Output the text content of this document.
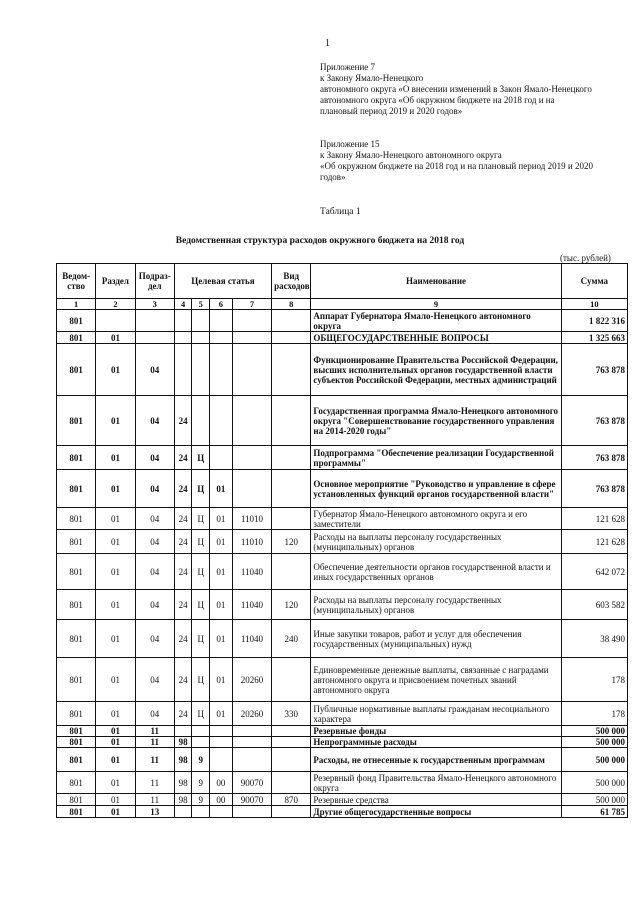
1

Приложение 7

к Закону Ямало-Ненецкого

автономного округа «О внесении изменений в Закон Ямало-Ненецкого

автономного округа «Об окружном бюджете на 2018 год и на

плановый период 2019 и 2020 годов»

Приложение 15

к Закону Ямало-Ненецкого автономного округа

«Об окружном бюджете на 2018 год и на плановый период 2019 и 2020

годов»

Таблица 1
Ведомственная структура расходов окружного бюджета на 2018 год
(тыс. рублей)
Ведом-ство	Раздел	Подраз-дел	Целевая статья				Вид расходов	Наименование	Сумма
1	2	3	4	5	6	7	8	9	10
801								Аппарат Губернатора Ямало-Ненецкого автономного округа	1 822 316
801	01							ОБЩЕГОСУДАРСТВЕННЫЕ ВОПРОСЫ	1 325 663
801	01	04						Функционирование Правительства Российской Федерации, высших исполнительных органов государственной власти субъектов Российской Федерации, местных администраций	763 878
801	01	04	24					Государственная программа Ямало-Ненецкого автономного округа "Совершенствование государственного управления на 2014-2020 годы"	763 878
801	01	04	24	Ц				Подпрограмма "Обеспечение реализации Государственной программы"	763 878
801	01	04	24	Ц	01			Основное мероприятие "Руководство и управление в сфере установленных функций органов государственной власти"	763 878
801	01	04	24	Ц	01	11010		Губернатор Ямало-Ненецкого автономного округа и его заместители	121 628
801	01	04	24	Ц	01	11010	120	Расходы на выплаты персоналу государственных (муниципальных) органов	121 628
801	01	04	24	Ц	01	11040		Обеспечение деятельности органов государственной власти и иных государственных органов	642 072
801	01	04	24	Ц	01	11040	120	Расходы на выплаты персоналу государственных (муниципальных) органов	603 582
801	01	04	24	Ц	01	11040	240	Иные закупки товаров, работ и услуг для обеспечения государственных (муниципальных) нужд	38 490
801	01	04	24	Ц	01	20260		Единовременные денежные выплаты, связанные с наградами автономного округа и присвоением почетных званий автономного округа	178
801	01	04	24	Ц	01	20260	330	Публичные нормативные выплаты гражданам несоциального характера	178
801	01	11						Резервные фонды	500 000
801	01	11	98					Непрограммные расходы	500 000
801	01	11	98	9				Расходы, не отнесенные к государственным программам	500 000
801	01	11	98	9	00	90070		Резервный фонд Правительства Ямало-Ненецкого автономного округа	500 000
801	01	11	98	9	00	90070	870	Резервные средства	500 000
801	01	13						Другие общегосударственные вопросы	61 785
